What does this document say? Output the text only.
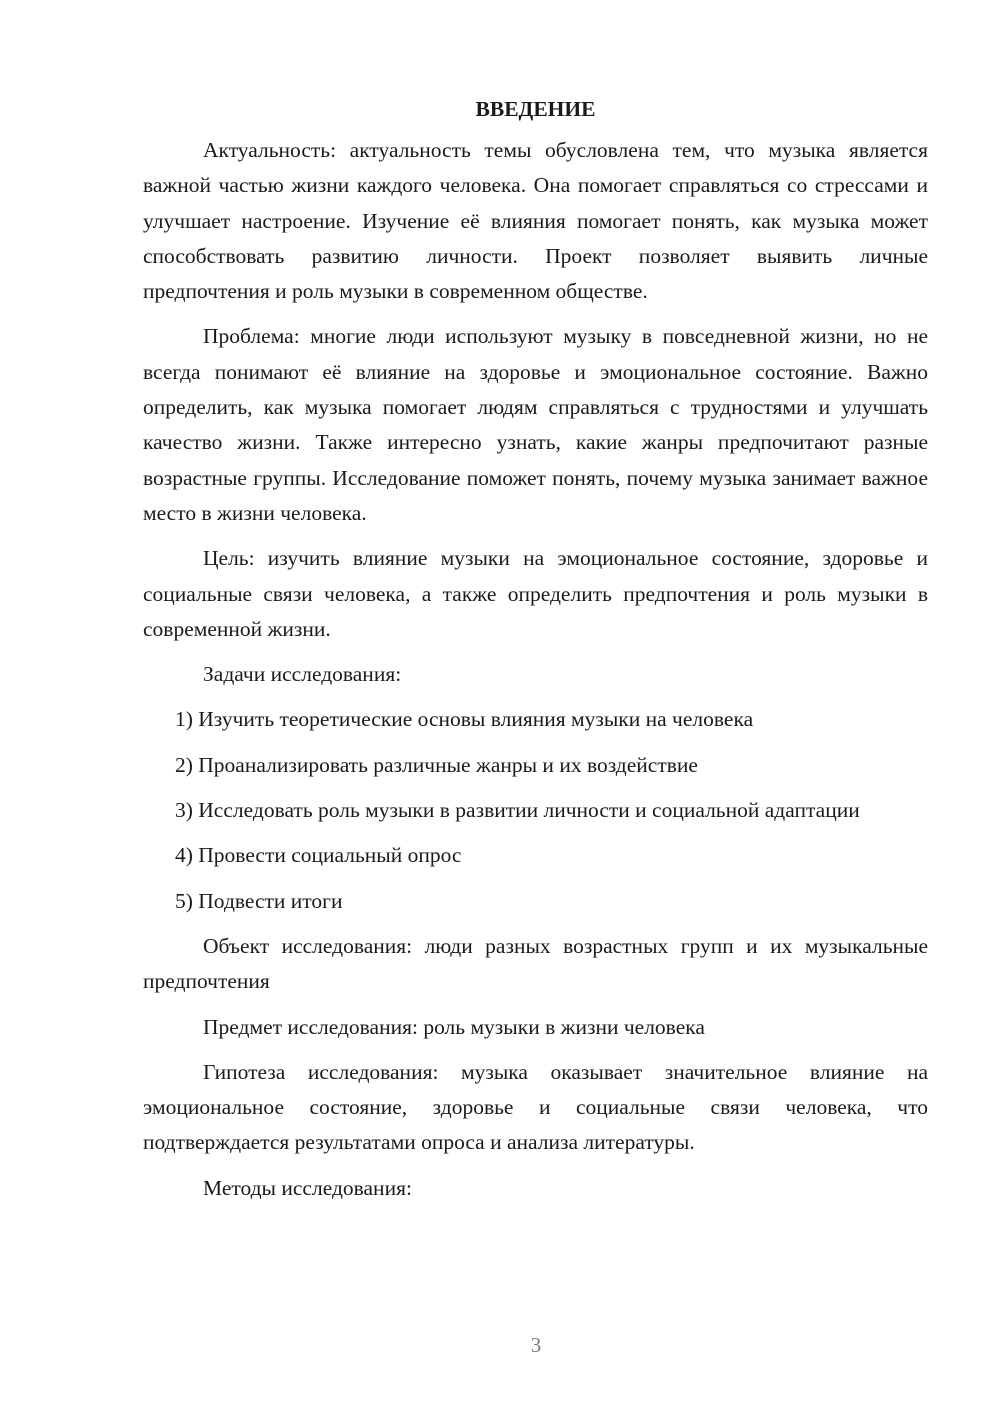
ВВЕДЕНИЕ

Актуальность: актуальность темы обусловлена тем, что музыка является важной частью жизни каждого человека. Она помогает справляться со стрессами и улучшает настроение. Изучение её влияния помогает понять, как музыка может способствовать развитию личности. Проект позволяет выявить личные предпочтения и роль музыки в современном обществе.

Проблема: многие люди используют музыку в повседневной жизни, но не всегда понимают её влияние на здоровье и эмоциональное состояние. Важно определить, как музыка помогает людям справляться с трудностями и улучшать качество жизни. Также интересно узнать, какие жанры предпочитают разные возрастные группы. Исследование поможет понять, почему музыка занимает важное место в жизни человека.

Цель: изучить влияние музыки на эмоциональное состояние, здоровье и социальные связи человека, а также определить предпочтения и роль музыки в современной жизни.

Задачи исследования:

1) Изучить теоретические основы влияния музыки на человека

2) Проанализировать различные жанры и их воздействие

3) Исследовать роль музыки в развитии личности и социальной адаптации

4) Провести социальный опрос

5) Подвести итоги

Объект исследования: люди разных возрастных групп и их музыкальные предпочтения

Предмет исследования: роль музыки в жизни человека

Гипотеза исследования: музыка оказывает значительное влияние на эмоциональное состояние, здоровье и социальные связи человека, что подтверждается результатами опроса и анализа литературы.

Методы исследования:

3
